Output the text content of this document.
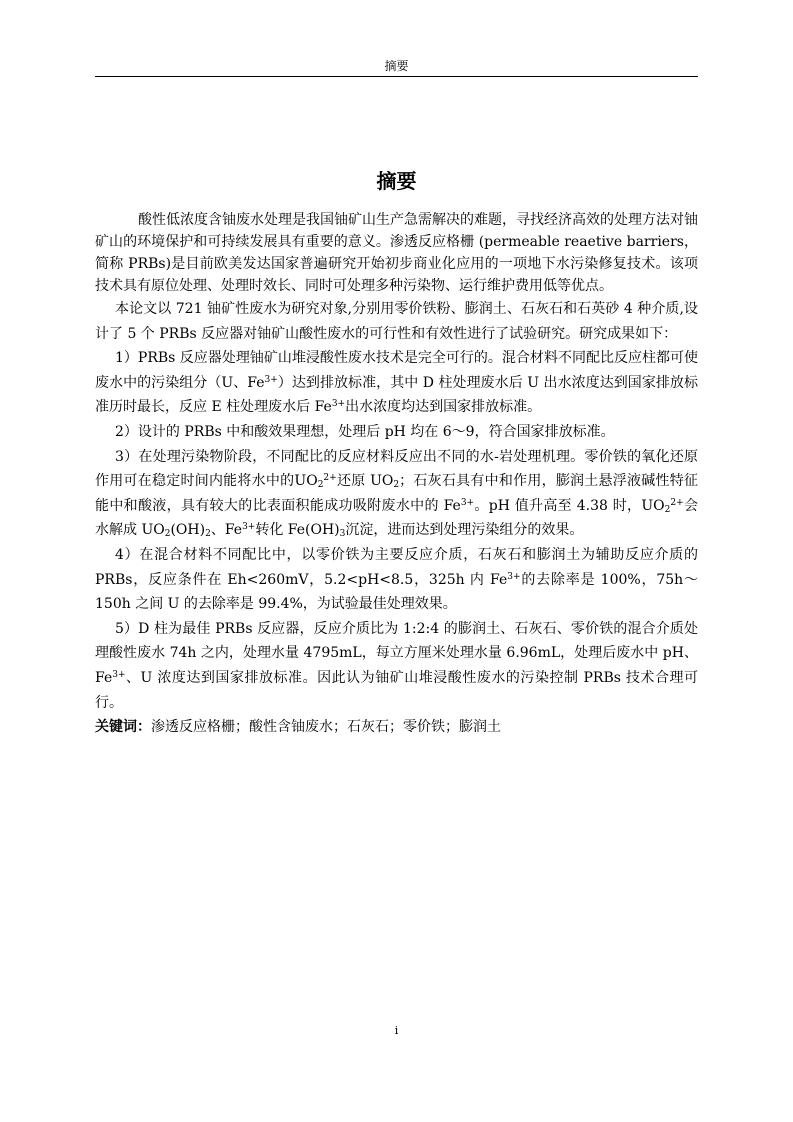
摘要
摘要

酸性低浓度含铀废水处理是我国铀矿山生产急需解决的难题，寻找经济高效的处理方法对铀矿山的环境保护和可持续发展具有重要的意义。渗透反应格栅 (permeable reaetive barriers，简称 PRBs)是目前欧美发达国家普遍研究开始初步商业化应用的一项地下水污染修复技术。该项技术具有原位处理、处理时效长、同时可处理多种污染物、运行维护费用低等优点。

本论文以 721 铀矿性废水为研究对象,分别用零价铁粉、膨润土、石灰石和石英砂 4 种介质,设计了 5 个 PRBs 反应器对铀矿山酸性废水的可行性和有效性进行了试验研究。研究成果如下：

1）PRBs 反应器处理铀矿山堆浸酸性废水技术是完全可行的。混合材料不同配比反应柱都可使废水中的污染组分（U、$Fe^{3+}$）达到排放标准，其中 D 柱处理废水后 U 出水浓度达到国家排放标准历时最长，反应 E 柱处理废水后 $Fe^{3+}$出水浓度均达到国家排放标准。

2）设计的 PRBs 中和酸效果理想，处理后 pH 均在 6～9，符合国家排放标准。

3）在处理污染物阶段，不同配比的反应材料反应出不同的水-岩处理机理。零价铁的氧化还原作用可在稳定时间内能将水中的$UO_2^{2+}$还原 $UO_2$；石灰石具有中和作用，膨润土悬浮液碱性特征能中和酸液，具有较大的比表面积能成功吸附废水中的 $Fe^{3+}$。pH 值升高至 4.38 时，$UO_2^{2+}$会水解成 $UO_2(OH)_2$、$Fe^{3+}$转化 $Fe(OH)_3$沉淀，进而达到处理污染组分的效果。

4）在混合材料不同配比中，以零价铁为主要反应介质，石灰石和膨润土为辅助反应介质的 PRBs，反应条件在 Eh<260mV，5.2<pH<8.5，325h 内 $Fe^{3+}$的去除率是 100%，75h～150h 之间 U 的去除率是 99.4%，为试验最佳处理效果。

5）D 柱为最佳 PRBs 反应器，反应介质比为 1:2:4 的膨润土、石灰石、零价铁的混合介质处理酸性废水 74h 之内，处理水量 4795mL，每立方厘米处理水量 6.96mL，处理后废水中 pH、$Fe^{3+}$、U 浓度达到国家排放标准。因此认为铀矿山堆浸酸性废水的污染控制 PRBs 技术合理可行。

关键词：渗透反应格栅；酸性含铀废水；石灰石；零价铁；膨润土

i
